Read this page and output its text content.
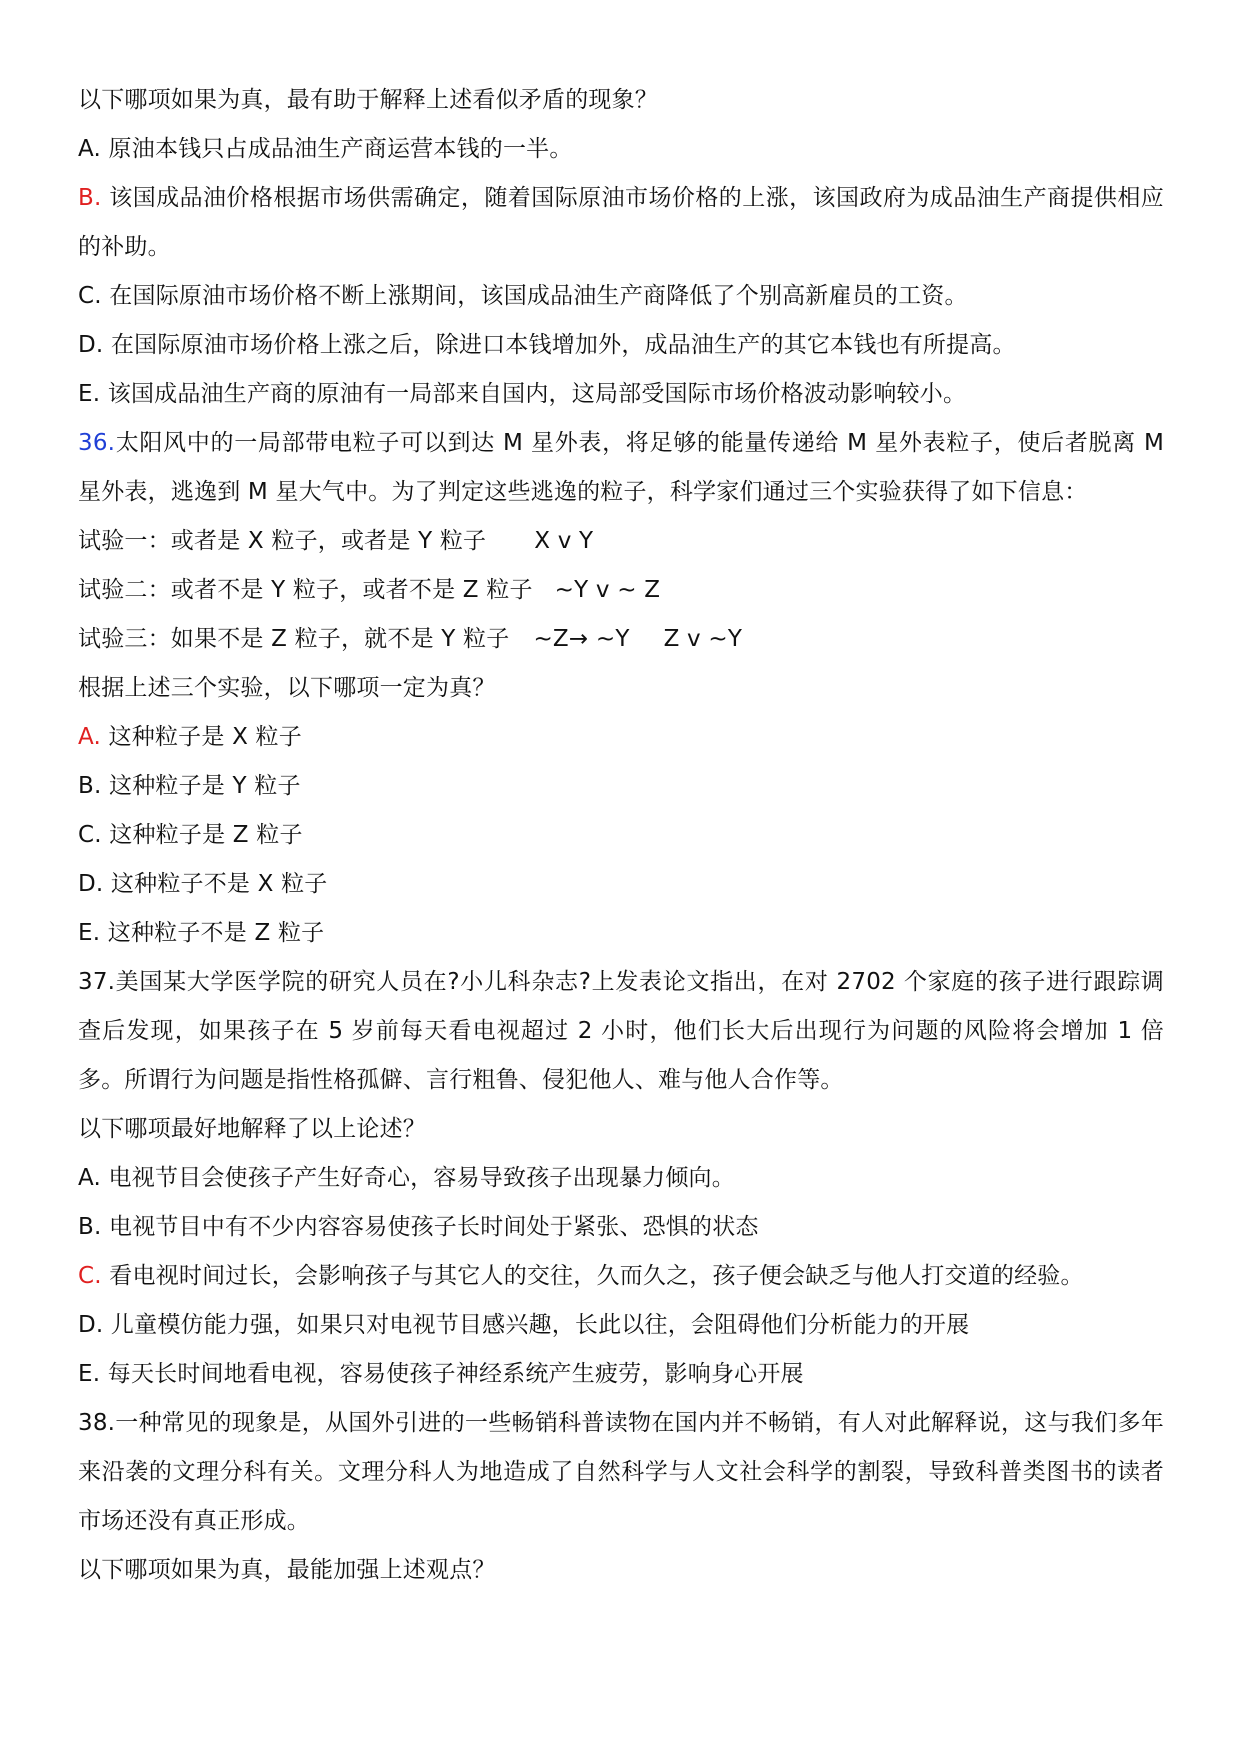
以下哪项如果为真，最有助于解释上述看似矛盾的现象？
A. 原油本钱只占成品油生产商运营本钱的一半。
B. 该国成品油价格根据市场供需确定，随着国际原油市场价格的上涨，该国政府为成品油生产商提供相应的补助。
C. 在国际原油市场价格不断上涨期间，该国成品油生产商降低了个别高新雇员的工资。
D. 在国际原油市场价格上涨之后，除进口本钱增加外，成品油生产的其它本钱也有所提高。
E. 该国成品油生产商的原油有一局部来自国内，这局部受国际市场价格波动影响较小。
36.太阳风中的一局部带电粒子可以到达 M 星外表，将足够的能量传递给 M 星外表粒子，使后者脱离 M 星外表，逃逸到 M 星大气中。为了判定这些逃逸的粒子，科学家们通过三个实验获得了如下信息：
试验一：或者是 X 粒子，或者是 Y 粒子 X v Y
试验二：或者不是 Y 粒子，或者不是 Z 粒子 ~Y v ~ Z
试验三：如果不是 Z 粒子，就不是 Y 粒子 ~Z→ ~Y Z v ~Y
根据上述三个实验，以下哪项一定为真？
A. 这种粒子是 X 粒子
B. 这种粒子是 Y 粒子
C. 这种粒子是 Z 粒子
D. 这种粒子不是 X 粒子
E. 这种粒子不是 Z 粒子
37.美国某大学医学院的研究人员在?小儿科杂志?上发表论文指出，在对 2702 个家庭的孩子进行跟踪调查后发现，如果孩子在 5 岁前每天看电视超过 2 小时，他们长大后出现行为问题的风险将会增加 1 倍多。所谓行为问题是指性格孤僻、言行粗鲁、侵犯他人、难与他人合作等。
以下哪项最好地解释了以上论述？
A. 电视节目会使孩子产生好奇心，容易导致孩子出现暴力倾向。
B. 电视节目中有不少内容容易使孩子长时间处于紧张、恐惧的状态
C. 看电视时间过长，会影响孩子与其它人的交往，久而久之，孩子便会缺乏与他人打交道的经验。
D. 儿童模仿能力强，如果只对电视节目感兴趣，长此以往，会阻碍他们分析能力的开展
E. 每天长时间地看电视，容易使孩子神经系统产生疲劳，影响身心开展
38.一种常见的现象是，从国外引进的一些畅销科普读物在国内并不畅销，有人对此解释说，这与我们多年来沿袭的文理分科有关。文理分科人为地造成了自然科学与人文社会科学的割裂，导致科普类图书的读者市场还没有真正形成。
以下哪项如果为真，最能加强上述观点？
